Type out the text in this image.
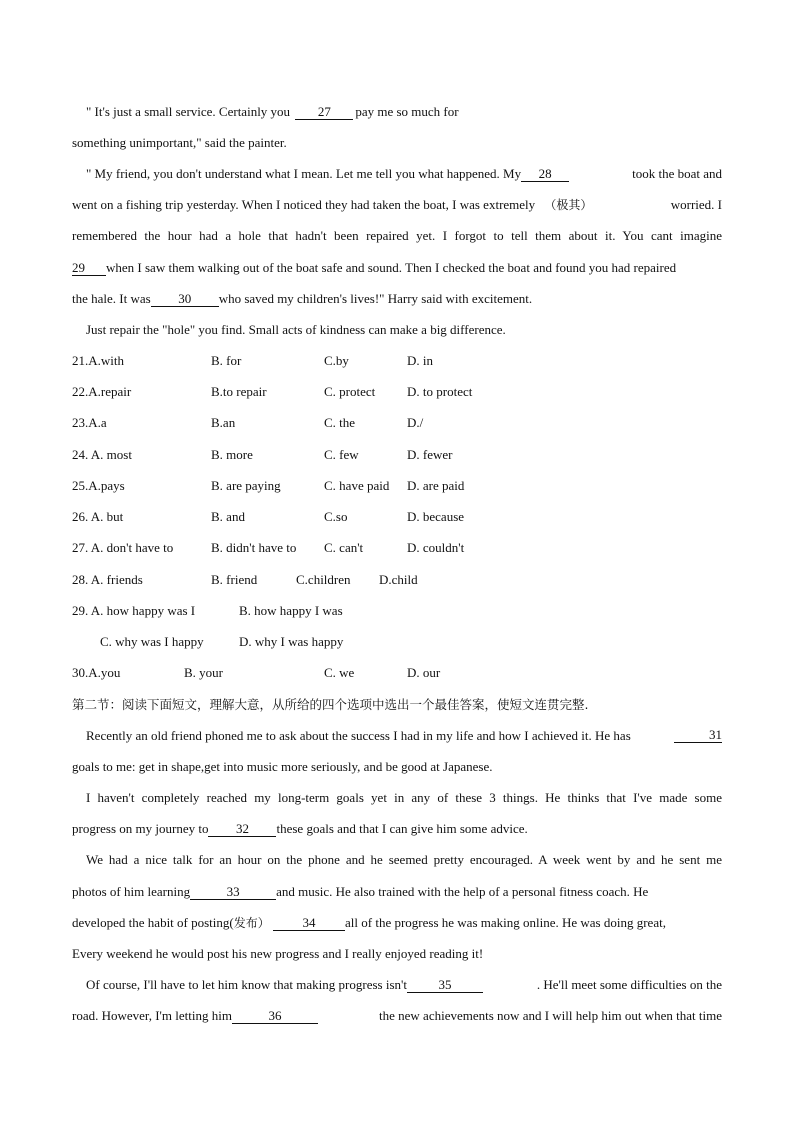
" It's just a small service. Certainly you 27 pay me so much for
something unimportant," said the painter.
" My friend, you don't understand what I mean. Let me tell you what happened. My 28	took the boat and
went on a fishing trip yesterday. When I noticed they had taken the boat, I was extremely （极其）	worried. I
remembered the hour had a hole that hadn't been repaired yet. I forgot to tell them about it. You cant imagine
29 when I saw them walking out of the boat safe and sound. Then I checked the boat and found you had repaired
the hale. It was 30 who saved my children's lives!" Harry said with excitement.
Just repair the "hole" you find. Small acts of kindness can make a big difference.
21.A.with	B. for	C.by	D. in
22.A.repair	B.to repair	C. protect D. to protect
23.A.a	B.an	C. the	D./
24. A. most	B. more	C. few	D. fewer
25.A.pays	B. are paying	C. have paid D. are paid
26. A. but	B. and	C.so	D. because
27. A. don't have to	B. didn't have to C. can't	D. couldn't
28. A. friends	B. friend	C.children D.child
29. A. how happy was I	B. how happy I was
C. why was I happy	D. why I was happy
30.A.you	B. your	C. we	D. our
第二节：阅读下面短文，理解大意，从所给的四个选项中选出一个最佳答案，使短文连贯完整.
Recently an old friend phoned me to ask about the success I had in my life and how I achieved it. He has	31
goals to me: get in shape,get into music more seriously, and be good at Japanese.
I haven't completely reached my long-term goals yet in any of these 3 things. He thinks that I've made some
progress on my journey to 32 these goals and that I can give him some advice.
We had a nice talk for an hour on the phone and he seemed pretty encouraged. A week went by and he sent me
photos of him learning	33	and music. He also trained with the help of a personal fitness coach. He
developed the habit of posting(发布）	34 all of the progress he was making online. He was doing great,
Every weekend he would post his new progress and I really enjoyed reading it!
Of course, I'll have to let him know that making progress isn't 35	. He'll meet some difficulties on the
road. However, I'm letting him	36	the new achievements now and I will help him out when that time
